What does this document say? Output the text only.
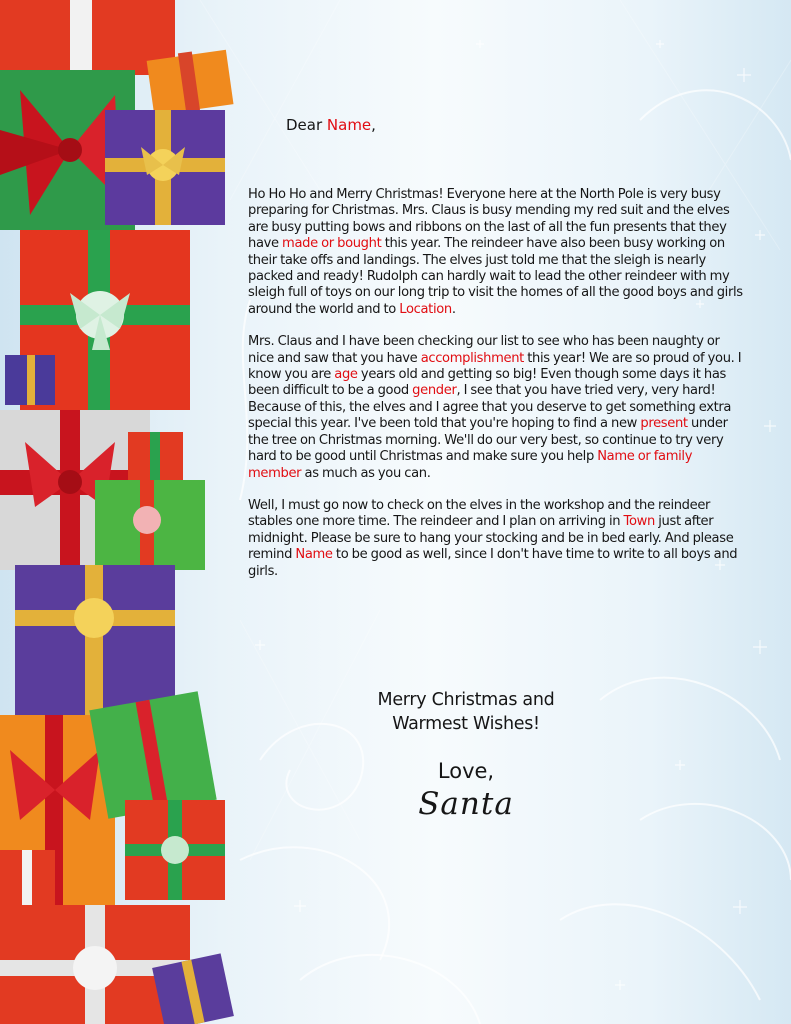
Dear Name,

Ho Ho Ho and Merry Christmas! Everyone here at the North Pole is very busy preparing for Christmas. Mrs. Claus is busy mending my red suit and the elves are busy putting bows and ribbons on the last of all the fun presents that they have made or bought this year. The reindeer have also been busy working on their take offs and landings. The elves just told me that the sleigh is nearly packed and ready! Rudolph can hardly wait to lead the other reindeer with my sleigh full of toys on our long trip to visit the homes of all the good boys and girls around the world and to Location.

Mrs. Claus and I have been checking our list to see who has been naughty or nice and saw that you have accomplishment this year! We are so proud of you. I know you are age years old and getting so big! Even though some days it has been difficult to be a good gender, I see that you have tried very, very hard! Because of this, the elves and I agree that you deserve to get something extra special this year. I've been told that you're hoping to find a new present under the tree on Christmas morning. We'll do our very best, so continue to try very hard to be good until Christmas and make sure you help Name or family member as much as you can.

Well, I must go now to check on the elves in the workshop and the reindeer stables one more time. The reindeer and I plan on arriving in Town just after midnight. Please be sure to hang your stocking and be in bed early. And please remind Name to be good as well, since I don't have time to write to all boys and girls.

Merry Christmas and
Warmest Wishes!
Love,
Santa
